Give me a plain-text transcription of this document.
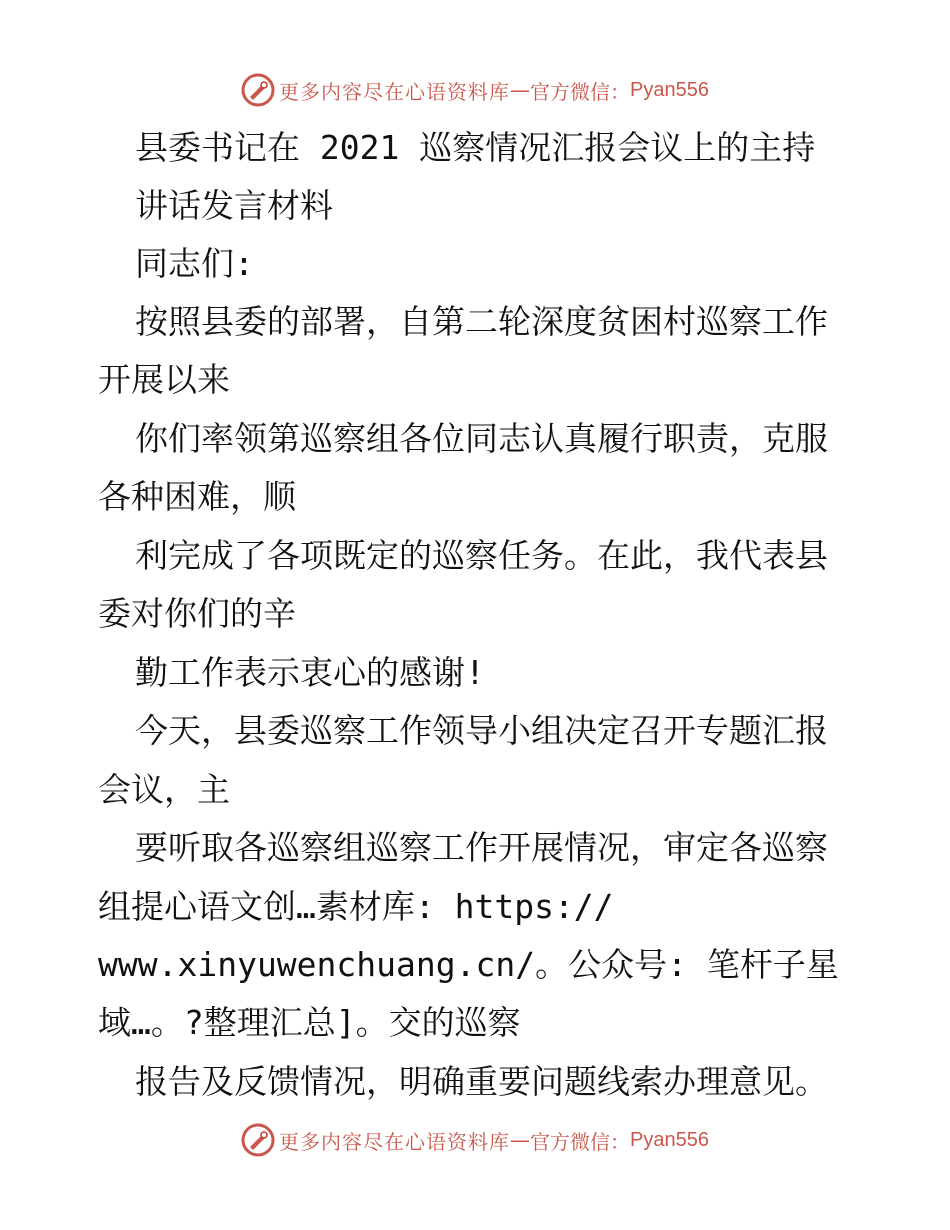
更多内容尽在心语资料库 — 官方微信： Pyan556
县委书记在 2021 巡察情况汇报会议上的主持
讲话发言材料
同志们:
按照县委的部署，自第二轮深度贫困村巡察工作
开展以来
你们率领第巡察组各位同志认真履行职责，克服
各种困难，顺
利完成了各项既定的巡察任务。在此，我代表县
委对你们的辛
勤工作表示衷心的感谢!
今天，县委巡察工作领导小组决定召开专题汇报
会议，主
要听取各巡察组巡察工作开展情况，审定各巡察
组提心语文创…素材库: https://
www.xinyuwenchuang.cn/。公众号: 笔杆子星
域…。?整理汇总]。交的巡察
报告及反馈情况，明确重要问题线索办理意见。
更多内容尽在心语资料库 — 官方微信： Pyan556
